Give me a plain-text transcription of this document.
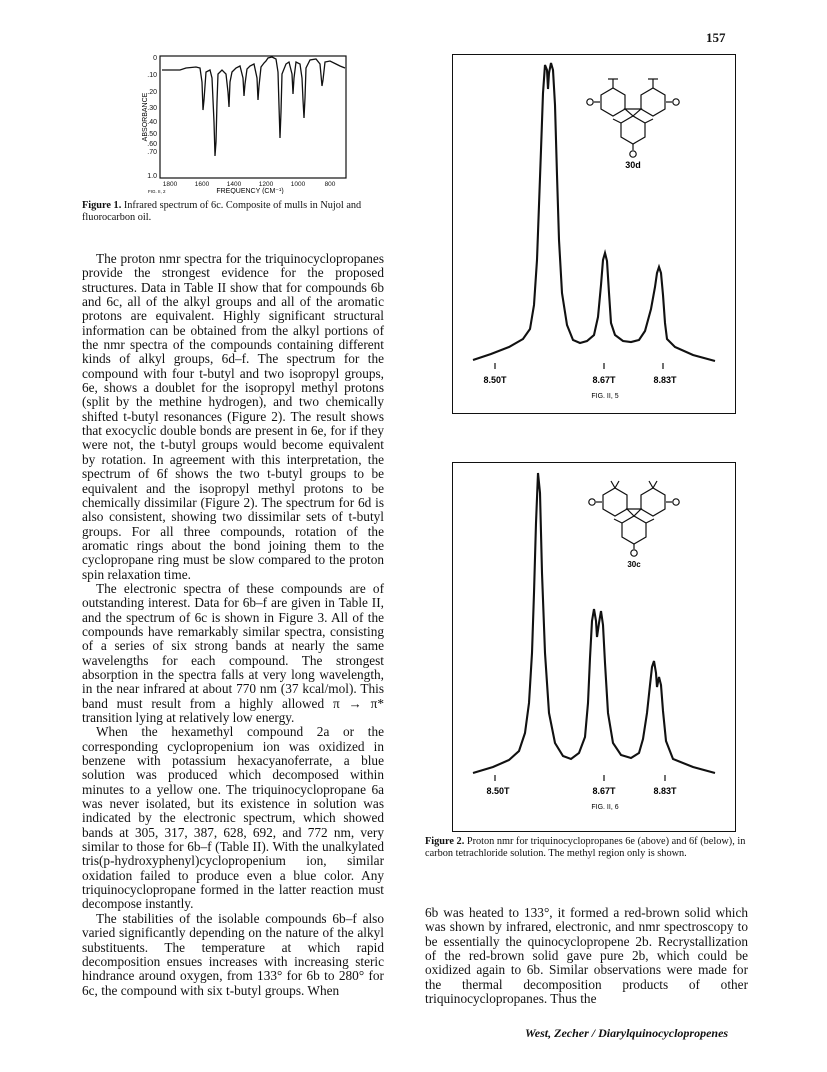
157
0
.10
.20
.30
.40
.50
.60
.70
1.0
ABSORBANCE
1800	1600	1400	1200	1000	800
FIG. II, 2	FREQUENCY (CM⁻¹)
Figure 1. Infrared spectrum of 6c. Composite of mulls in Nujol and fluorocarbon oil.

The proton nmr spectra for the triquinocyclopropanes provide the strongest evidence for the proposed structures. Data in Table II show that for compounds 6b and 6c, all of the alkyl groups and all of the aromatic protons are equivalent. Highly significant structural information can be obtained from the alkyl portions of the nmr spectra of the compounds containing different kinds of alkyl groups, 6d–f. The spectrum for the compound with four t-butyl and two isopropyl groups, 6e, shows a doublet for the isopropyl methyl protons (split by the methine hydrogen), and two chemically shifted t-butyl resonances (Figure 2). The result shows that exocyclic double bonds are present in 6e, for if they were not, the t-butyl groups would become equivalent by rotation. In agreement with this interpretation, the spectrum of 6f shows the two t-butyl groups to be equivalent and the isopropyl methyl protons to be chemically dissimilar (Figure 2). The spectrum for 6d is also consistent, showing two dissimilar sets of t-butyl groups. For all three compounds, rotation of the aromatic rings about the bond joining them to the cyclopropane ring must be slow compared to the proton spin relaxation time.

The electronic spectra of these compounds are of outstanding interest. Data for 6b–f are given in Table II, and the spectrum of 6c is shown in Figure 3. All of the compounds have remarkably similar spectra, consisting of a series of six strong bands at nearly the same wavelengths for each compound. The strongest absorption in the spectra falls at very long wavelength, in the near infrared at about 770 nm (37 kcal/mol). This band must result from a highly allowed π → π* transition lying at relatively low energy.

When the hexamethyl compound 2a or the corresponding cyclopropenium ion was oxidized in benzene with potassium hexacyanoferrate, a blue solution was produced which decomposed within minutes to a yellow one. The triquinocyclopropane 6a was never isolated, but its existence in solution was indicated by the electronic spectrum, which showed bands at 305, 317, 387, 628, 692, and 772 nm, very similar to those for 6b–f (Table II). With the unalkylated tris(p-hydroxyphenyl)cyclopropenium ion, similar oxidation failed to produce even a blue color. Any triquinocyclopropane formed in the latter reaction must decompose instantly.

The stabilities of the isolable compounds 6b–f also varied significantly depending on the nature of the alkyl substituents. The temperature at which rapid decomposition ensues increases with increasing steric hindrance around oxygen, from 133° for 6b to 280° for 6c, the compound with six t-butyl groups. When

30d
8.50T	8.67T	8.83T
FIG. II, 5
30c
8.50T	8.67T	8.83T
FIG. II, 6
Figure 2. Proton nmr for triquinocyclopropanes 6e (above) and 6f (below), in carbon tetrachloride solution. The methyl region only is shown.

6b was heated to 133°, it formed a red-brown solid which was shown by infrared, electronic, and nmr spectroscopy to be essentially the quinocyclopropene 2b. Recrystallization of the red-brown solid gave pure 2b, which could be oxidized again to 6b. Similar observations were made for the thermal decomposition products of other triquinocyclopropanes. Thus the

West, Zecher / Diarylquinocyclopropenes
